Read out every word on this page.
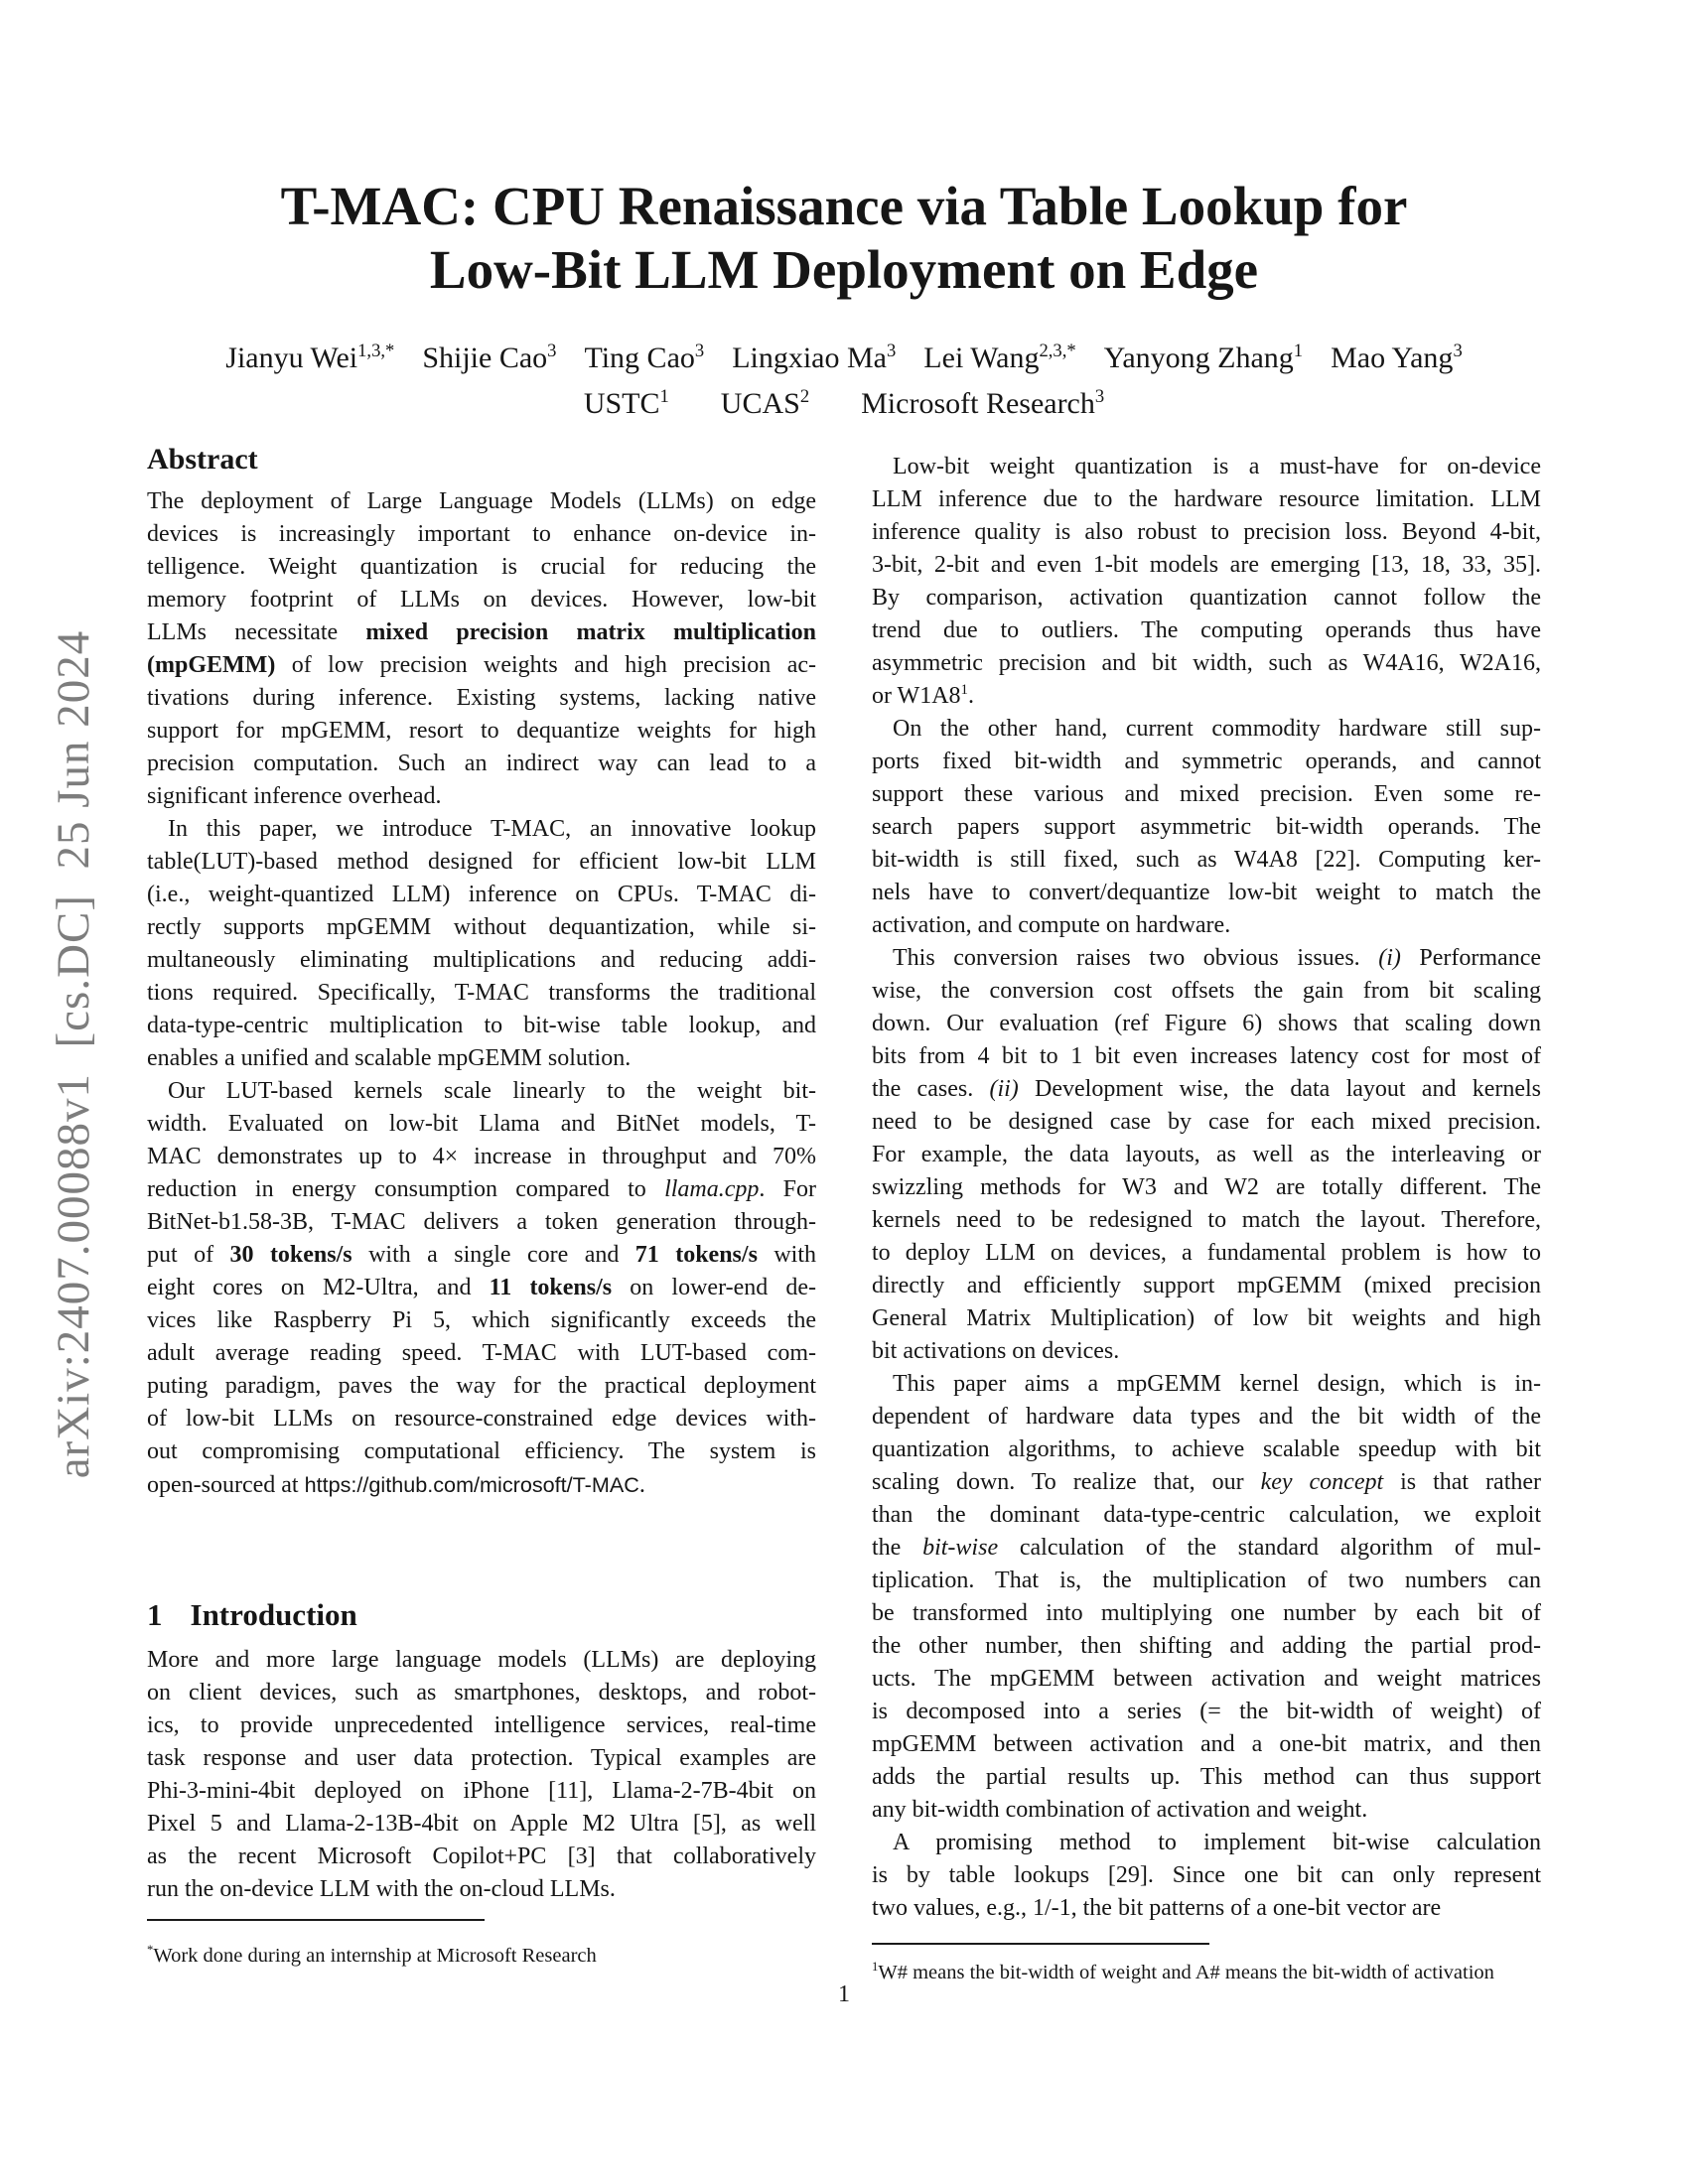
arXiv:2407.00088v1  [cs.DC]  25 Jun 2024
T-MAC: CPU Renaissance via Table Lookup for
Low-Bit LLM Deployment on Edge
Jianyu Wei$^{1,3,*}$ Shijie Cao$^3$ Ting Cao$^3$ Lingxiao Ma$^3$ Lei Wang$^{2,3,*}$ Yanyong Zhang$^1$ Mao Yang$^3$
USTC$^1$ UCAS$^2$ Microsoft Research$^3$
Abstract
The deployment of Large Language Models (LLMs) on edge
devices is increasingly important to enhance on-device in-
telligence. Weight quantization is crucial for reducing the
memory footprint of LLMs on devices. However, low-bit
LLMs necessitate mixed precision matrix multiplication
(mpGEMM) of low precision weights and high precision ac-
tivations during inference. Existing systems, lacking native
support for mpGEMM, resort to dequantize weights for high
precision computation. Such an indirect way can lead to a
significant inference overhead.
In this paper, we introduce T-MAC, an innovative lookup
table(LUT)-based method designed for efficient low-bit LLM
(i.e., weight-quantized LLM) inference on CPUs. T-MAC di-
rectly supports mpGEMM without dequantization, while si-
multaneously eliminating multiplications and reducing addi-
tions required. Specifically, T-MAC transforms the traditional
data-type-centric multiplication to bit-wise table lookup, and
enables a unified and scalable mpGEMM solution.
Our LUT-based kernels scale linearly to the weight bit-
width. Evaluated on low-bit Llama and BitNet models, T-
MAC demonstrates up to 4× increase in throughput and 70%
reduction in energy consumption compared to llama.cpp. For
BitNet-b1.58-3B, T-MAC delivers a token generation through-
put of 30 tokens/s with a single core and 71 tokens/s with
eight cores on M2-Ultra, and 11 tokens/s on lower-end de-
vices like Raspberry Pi 5, which significantly exceeds the
adult average reading speed. T-MAC with LUT-based com-
puting paradigm, paves the way for the practical deployment
of low-bit LLMs on resource-constrained edge devices with-
out compromising computational efficiency. The system is
open-sourced at https://github.com/microsoft/T-MAC.
1 Introduction
More and more large language models (LLMs) are deploying
on client devices, such as smartphones, desktops, and robot-
ics, to provide unprecedented intelligence services, real-time
task response and user data protection. Typical examples are
Phi-3-mini-4bit deployed on iPhone [11], Llama-2-7B-4bit on
Pixel 5 and Llama-2-13B-4bit on Apple M2 Ultra [5], as well
as the recent Microsoft Copilot+PC [3] that collaboratively
run the on-device LLM with the on-cloud LLMs.
Low-bit weight quantization is a must-have for on-device
LLM inference due to the hardware resource limitation. LLM
inference quality is also robust to precision loss. Beyond 4-bit,
3-bit, 2-bit and even 1-bit models are emerging [13, 18, 33, 35].
By comparison, activation quantization cannot follow the
trend due to outliers. The computing operands thus have
asymmetric precision and bit width, such as W4A16, W2A16,
or $W1A8^1$.
On the other hand, current commodity hardware still sup-
ports fixed bit-width and symmetric operands, and cannot
support these various and mixed precision. Even some re-
search papers support asymmetric bit-width operands. The
bit-width is still fixed, such as W4A8 [22]. Computing ker-
nels have to convert/dequantize low-bit weight to match the
activation, and compute on hardware.
This conversion raises two obvious issues. (i) Performance
wise, the conversion cost offsets the gain from bit scaling
down. Our evaluation (ref Figure 6) shows that scaling down
bits from 4 bit to 1 bit even increases latency cost for most of
the cases. (ii) Development wise, the data layout and kernels
need to be designed case by case for each mixed precision.
For example, the data layouts, as well as the interleaving or
swizzling methods for W3 and W2 are totally different. The
kernels need to be redesigned to match the layout. Therefore,
to deploy LLM on devices, a fundamental problem is how to
directly and efficiently support mpGEMM (mixed precision
General Matrix Multiplication) of low bit weights and high
bit activations on devices.
This paper aims a mpGEMM kernel design, which is in-
dependent of hardware data types and the bit width of the
quantization algorithms, to achieve scalable speedup with bit
scaling down. To realize that, our key concept is that rather
than the dominant data-type-centric calculation, we exploit
the bit-wise calculation of the standard algorithm of mul-
tiplication. That is, the multiplication of two numbers can
be transformed into multiplying one number by each bit of
the other number, then shifting and adding the partial prod-
ucts. The mpGEMM between activation and weight matrices
is decomposed into a series (= the bit-width of weight) of
mpGEMM between activation and a one-bit matrix, and then
adds the partial results up. This method can thus support
any bit-width combination of activation and weight.
A promising method to implement bit-wise calculation
is by table lookups [29]. Since one bit can only represent
two values, e.g., 1/-1, the bit patterns of a one-bit vector are
*Work done during an internship at Microsoft Research
$^1$W# means the bit-width of weight and A# means the bit-width of activation
1
